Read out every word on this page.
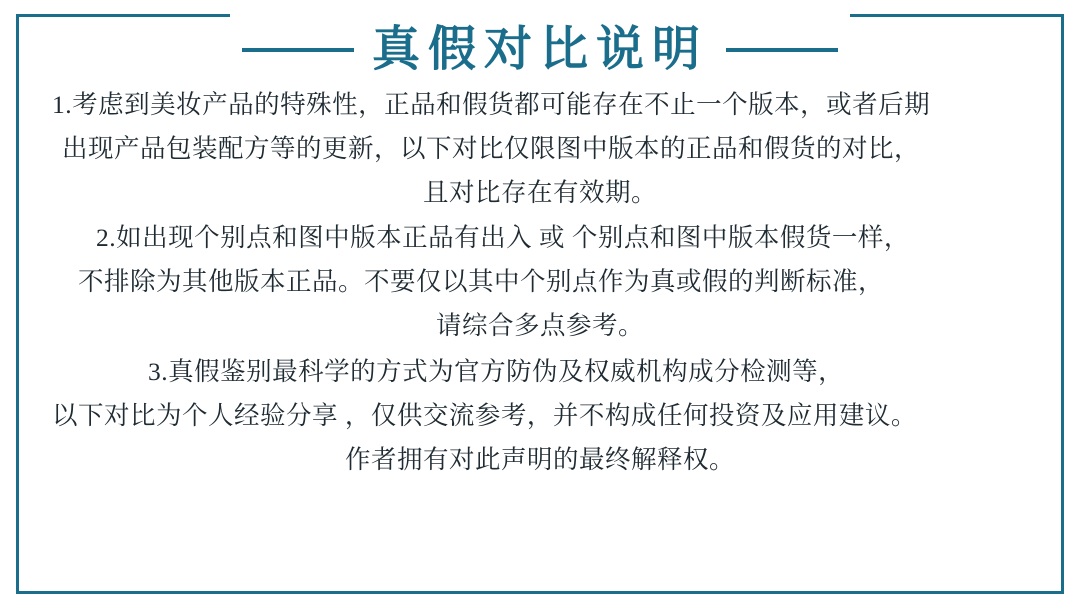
真假对比说明

1.考虑到美妆产品的特殊性，正品和假货都可能存在不止一个版本，或者后期
出现产品包装配方等的更新，以下对比仅限图中版本的正品和假货的对比，
且对比存在有效期。

2.如出现个别点和图中版本正品有出入 或 个别点和图中版本假货一样，
不排除为其他版本正品。不要仅以其中个别点作为真或假的判断标准，
请综合多点参考。

3.真假鉴别最科学的方式为官方防伪及权威机构成分检测等，
以下对比为个人经验分享 ，仅供交流参考，并不构成任何投资及应用建议。
作者拥有对此声明的最终解释权。
